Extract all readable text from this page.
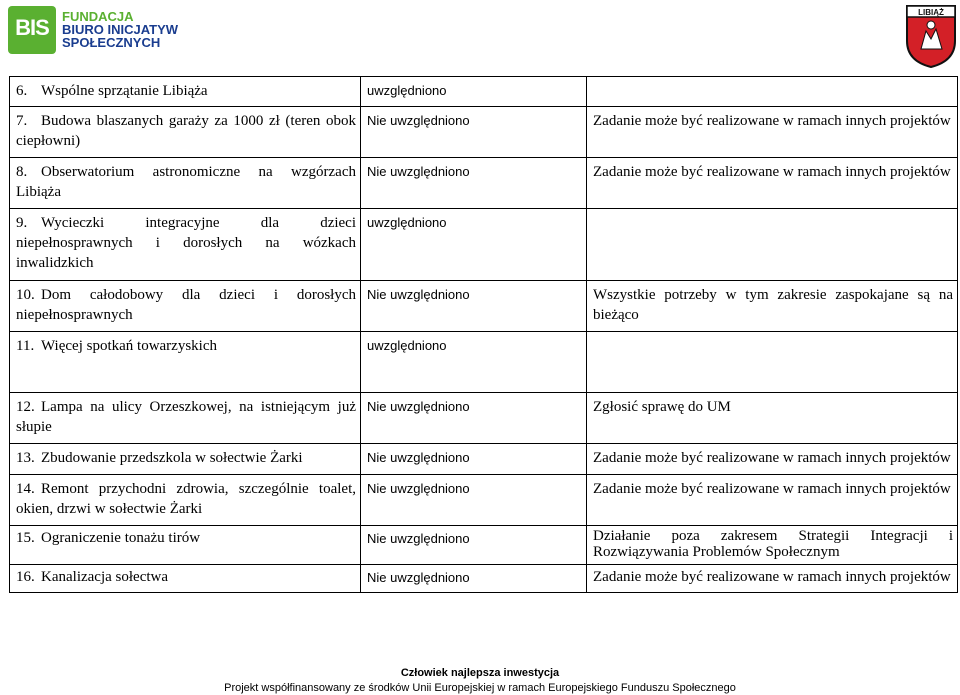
BIS	FUNDACJA
BIURO INICJATYW
SPOŁECZNYCH
LIBIĄŻ
6. Wspólne sprzątanie Libiąża	uwzględniono	
7. Budowa blaszanych garaży za 1000 zł (teren obok ciepłowni)	Nie uwzględniono	Zadanie może być realizowane w ramach innych projektów
8. Obserwatorium astronomiczne na wzgórzach Libiąża	Nie uwzględniono	Zadanie może być realizowane w ramach innych projektów
9. Wycieczki integracyjne dla dzieci niepełnosprawnych i dorosłych na wózkach inwalidzkich	uwzględniono	
10. Dom całodobowy dla dzieci i dorosłych niepełnosprawnych	Nie uwzględniono	Wszystkie potrzeby w tym zakresie zaspokajane są na bieżąco
11. Więcej spotkań towarzyskich	uwzględniono	
12. Lampa na ulicy Orzeszkowej, na istniejącym już słupie	Nie uwzględniono	Zgłosić sprawę do UM
13. Zbudowanie przedszkola w sołectwie Żarki	Nie uwzględniono	Zadanie może być realizowane w ramach innych projektów
14. Remont przychodni zdrowia, szczególnie toalet, okien, drzwi w sołectwie Żarki	Nie uwzględniono	Zadanie może być realizowane w ramach innych projektów
15. Ograniczenie tonażu tirów	Nie uwzględniono	Działanie poza zakresem Strategii Integracji i Rozwiązywania Problemów Społecznym
16. Kanalizacja sołectwa	Nie uwzględniono	Zadanie może być realizowane w ramach innych projektów
Człowiek najlepsza inwestycja
Projekt współfinansowany ze środków Unii Europejskiej w ramach Europejskiego Funduszu Społecznego
